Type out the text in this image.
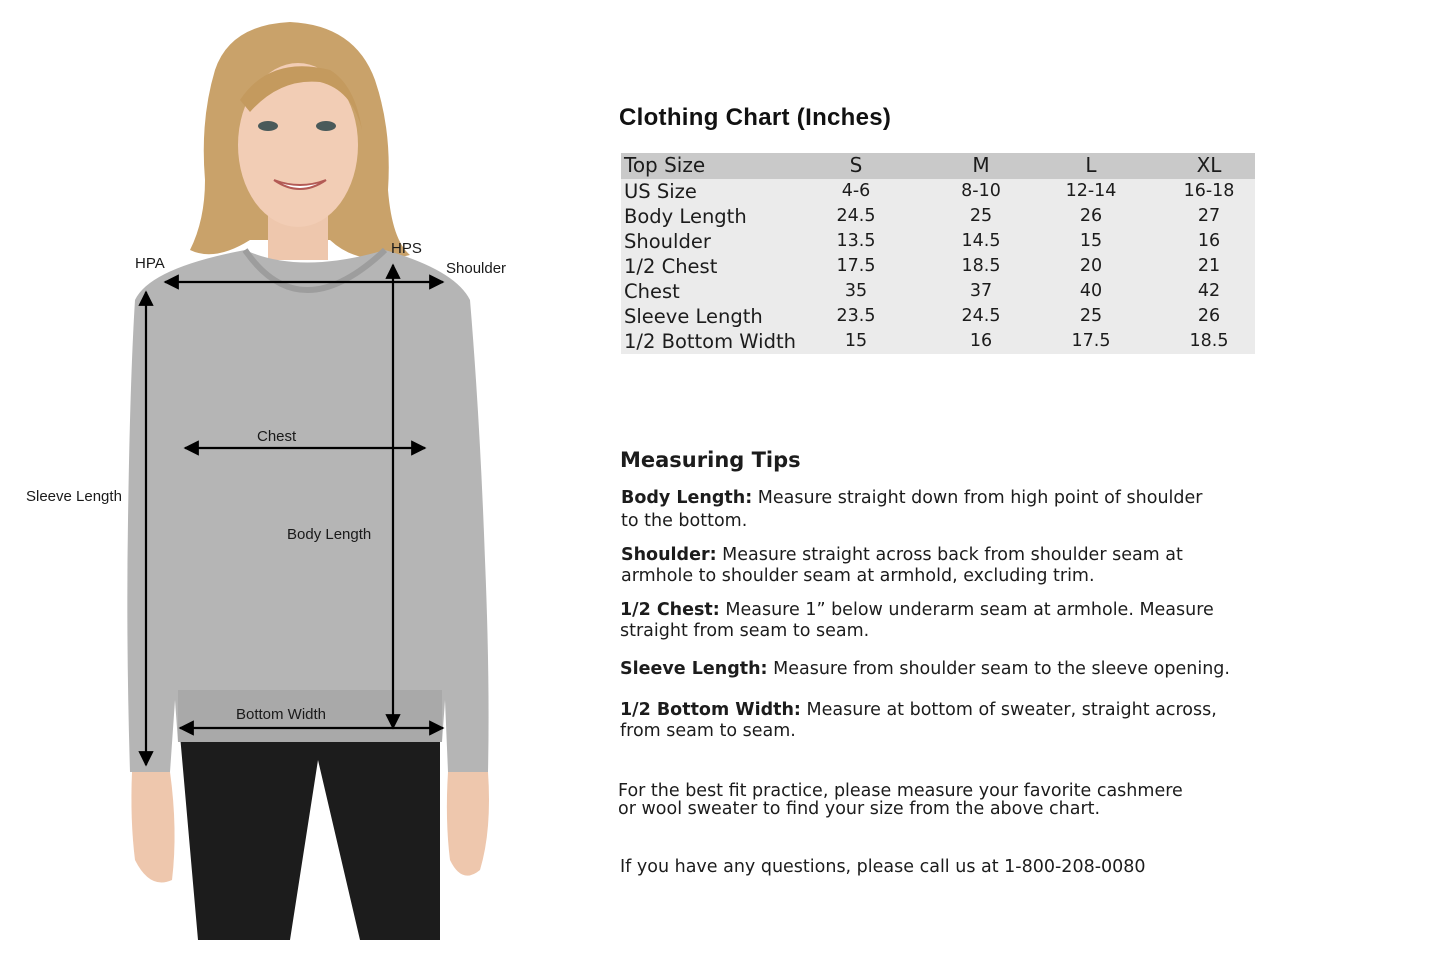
HPA
HPS
Shoulder
Chest
Sleeve Length
Body Length
Bottom Width
Clothing Chart (Inches)
Top Size	S	M	L	XL
US Size	4-6	8-10	12-14	16-18
Body Length	24.5	25	26	27
Shoulder	13.5	14.5	15	16
1/2 Chest	17.5	18.5	20	21
Chest	35	37	40	42
Sleeve Length	23.5	24.5	25	26
1/2 Bottom Width	15	16	17.5	18.5
Measuring Tips
Body Length: Measure straight down from high point of shoulder
to the bottom.
Shoulder: Measure straight across back from shoulder seam at
armhole to shoulder seam at armhold, excluding trim.
1/2 Chest: Measure 1” below underarm seam at armhole. Measure
straight from seam to seam.
Sleeve Length: Measure from shoulder seam to the sleeve opening.
1/2 Bottom Width: Measure at bottom of sweater, straight across,
from seam to seam.
For the best fit practice, please measure your favorite cashmere
or wool sweater to find your size from the above chart.
If you have any questions, please call us at 1-800-208-0080
